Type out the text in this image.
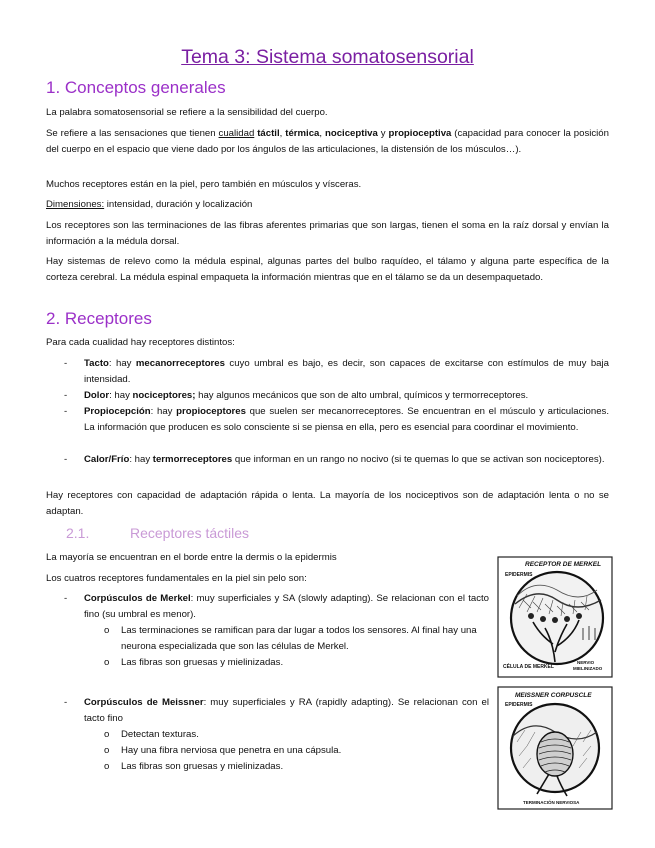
Tema 3: Sistema somatosensorial
1. Conceptos generales

La palabra somatosensorial se refiere a la sensibilidad del cuerpo.

Se refiere a las sensaciones que tienen cualidad táctil, térmica, nociceptiva y propioceptiva (capacidad para conocer la posición del cuerpo en el espacio que viene dado por los ángulos de las articulaciones, la distensión de los músculos…).

Muchos receptores están en la piel, pero también en músculos y vísceras.

Dimensiones: intensidad, duración y localización

Los receptores son las terminaciones de las fibras aferentes primarias que son largas, tienen el soma en la raíz dorsal y envían la información a la médula dorsal.

Hay sistemas de relevo como la médula espinal, algunas partes del bulbo raquídeo, el tálamo y alguna parte específica de la corteza cerebral. La médula espinal empaqueta la información mientras que en el tálamo se da un desempaquetado.

2. Receptores

Para cada cualidad hay receptores distintos:

- Tacto: hay mecanorreceptores cuyo umbral es bajo, es decir, son capaces de excitarse con estímulos de muy baja intensidad.

- Dolor: hay nociceptores; hay algunos mecánicos que son de alto umbral, químicos y termorreceptores.

- Propiocepción: hay propioceptores que suelen ser mecanorreceptores. Se encuentran en el músculo y articulaciones. La información que producen es solo consciente si se piensa en ella, pero es esencial para coordinar el movimiento.

- Calor/Frío: hay termorreceptores que informan en un rango no nocivo (si te quemas lo que se activan son nociceptores).

Hay receptores con capacidad de adaptación rápida o lenta. La mayoría de los nociceptivos son de adaptación lenta o no se adaptan.

2.1.	Receptores táctiles

La mayoría se encuentran en el borde entre la dermis o la epidermis

Los cuatros receptores fundamentales en la piel sin pelo son:

- Corpúsculos de Merkel: muy superficiales y SA (slowly adapting). Se relacionan con el tacto fino (su umbral es menor).

o Las terminaciones se ramifican para dar lugar a todos los sensores. Al final hay una neurona especializada que son las células de Merkel.

o Las fibras son gruesas y mielinizadas.

- Corpúsculos de Meissner: muy superficiales y RA (rapidly adapting). Se relacionan con el tacto fino

o Detectan texturas.

o Hay una fibra nerviosa que penetra en una cápsula.

o Las fibras son gruesas y mielinizadas.

RECEPTOR DE MERKEL
EPIDERMIS
CÉLULA DE MERKEL
NERVIO
MIELINIZADO
MEISSNER CORPUSCLE
EPIDERMIS
TERMINACIÓN NERVIOSA
